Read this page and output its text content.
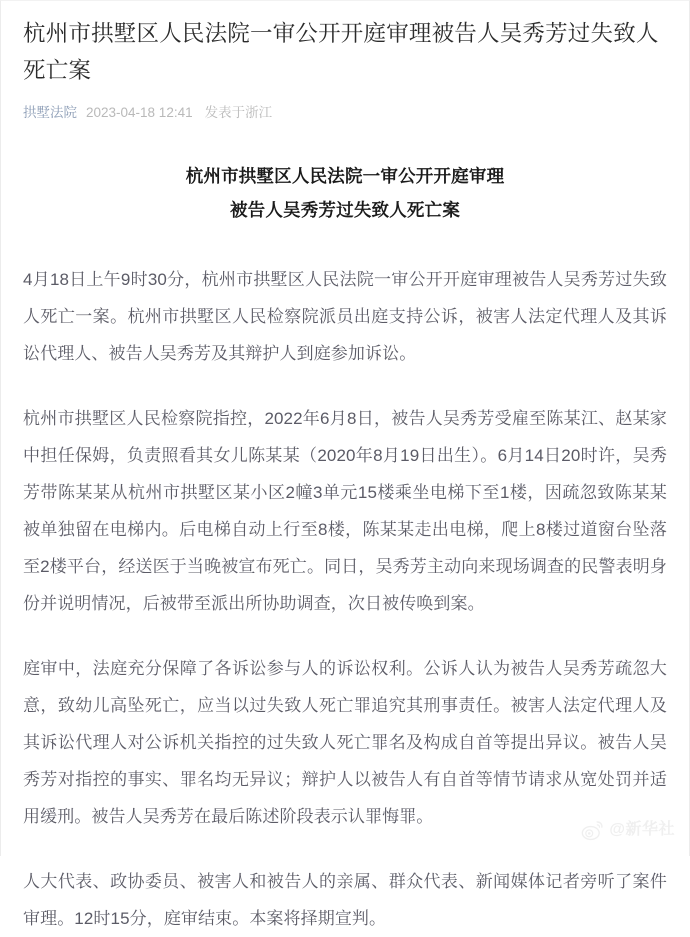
杭州市拱墅区人民法院一审公开开庭审理被告人吴秀芳过失致人死亡案
拱墅法院 2023-04-18 12:41 发表于浙江
杭州市拱墅区人民法院一审公开开庭审理
被告人吴秀芳过失致人死亡案

4月18日上午9时30分，杭州市拱墅区人民法院一审公开开庭审理被告人吴秀芳过失致人死亡一案。杭州市拱墅区人民检察院派员出庭支持公诉，被害人法定代理人及其诉讼代理人、被告人吴秀芳及其辩护人到庭参加诉讼。

杭州市拱墅区人民检察院指控，2022年6月8日，被告人吴秀芳受雇至陈某江、赵某家中担任保姆，负责照看其女儿陈某某（2020年8月19日出生）。6月14日20时许，吴秀芳带陈某某从杭州市拱墅区某小区2幢3单元15楼乘坐电梯下至1楼，因疏忽致陈某某被单独留在电梯内。后电梯自动上行至8楼，陈某某走出电梯，爬上8楼过道窗台坠落至2楼平台，经送医于当晚被宣布死亡。同日，吴秀芳主动向来现场调查的民警表明身份并说明情况，后被带至派出所协助调查，次日被传唤到案。

庭审中，法庭充分保障了各诉讼参与人的诉讼权利。公诉人认为被告人吴秀芳疏忽大意，致幼儿高坠死亡，应当以过失致人死亡罪追究其刑事责任。被害人法定代理人及其诉讼代理人对公诉机关指控的过失致人死亡罪名及构成自首等提出异议。被告人吴秀芳对指控的事实、罪名均无异议；辩护人以被告人有自首等情节请求从宽处罚并适用缓刑。被告人吴秀芳在最后陈述阶段表示认罪悔罪。

人大代表、政协委员、被害人和被告人的亲属、群众代表、新闻媒体记者旁听了案件审理。12时15分，庭审结束。本案将择期宣判。

@新华社
